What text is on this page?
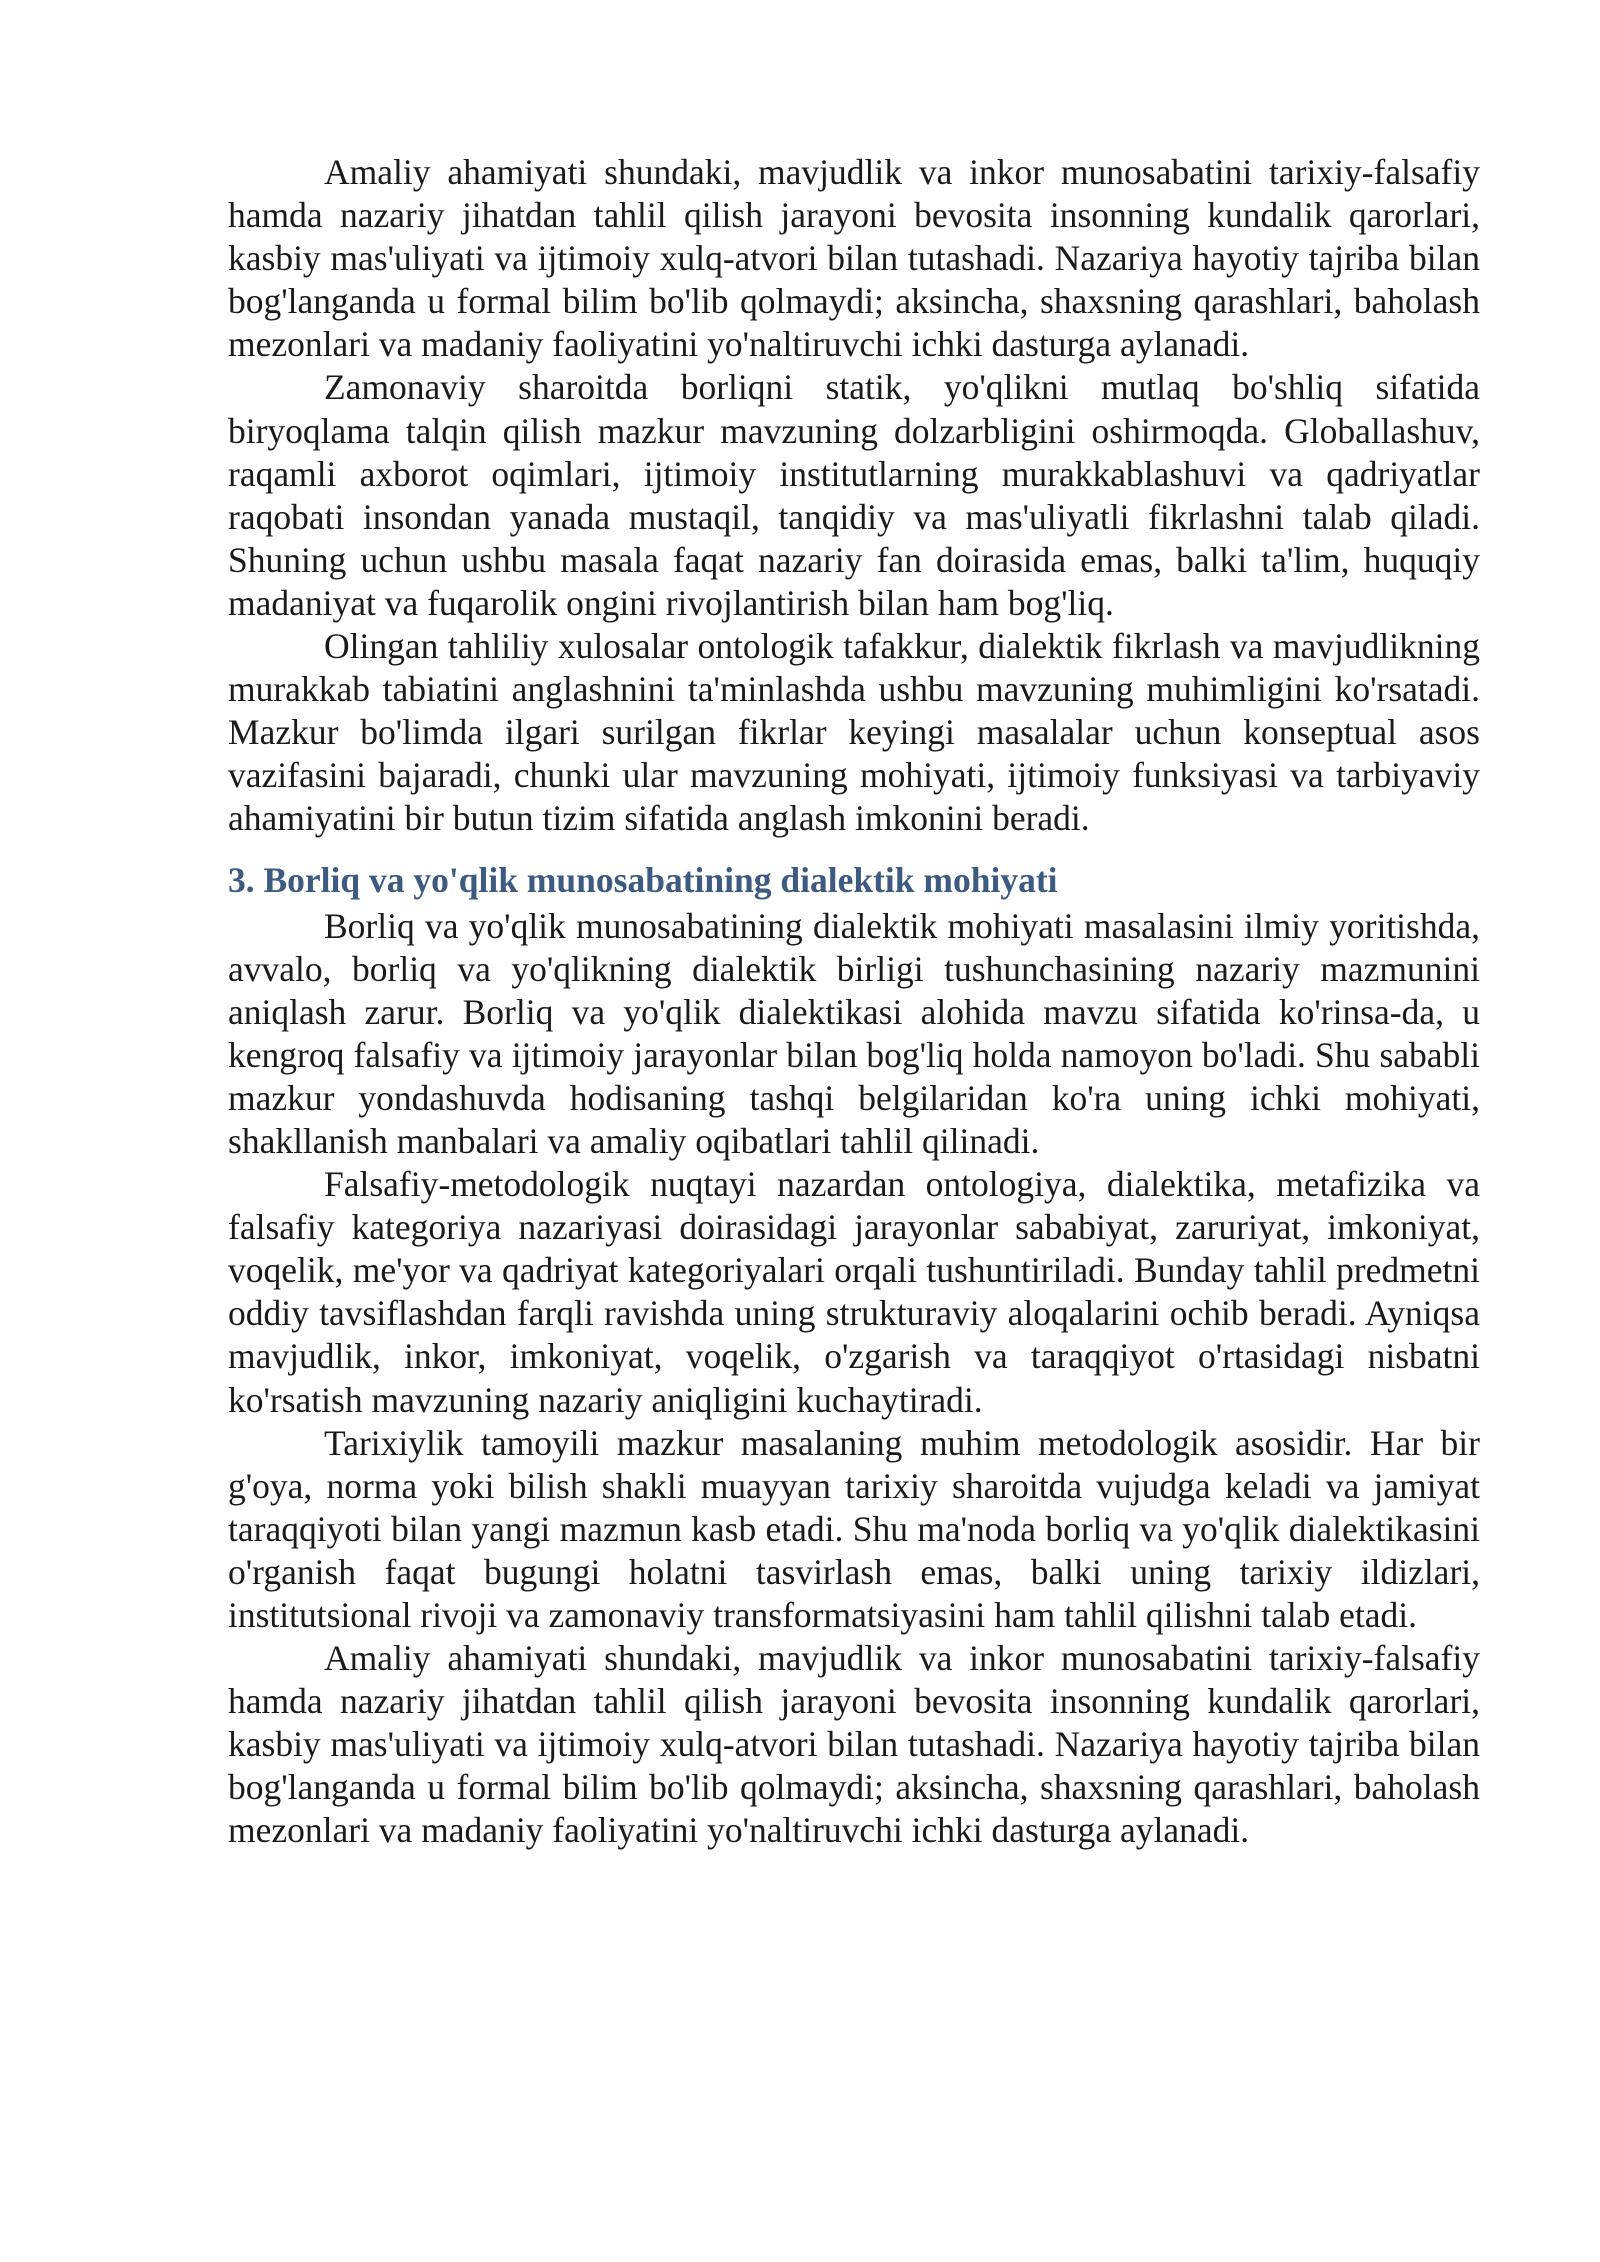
Amaliy ahamiyati shundaki, mavjudlik va inkor munosabatini tarixiy-falsafiy hamda nazariy jihatdan tahlil qilish jarayoni bevosita insonning kundalik qarorlari, kasbiy mas'uliyati va ijtimoiy xulq-atvori bilan tutashadi. Nazariya hayotiy tajriba bilan bog'langanda u formal bilim bo'lib qolmaydi; aksincha, shaxsning qarashlari, baholash mezonlari va madaniy faoliyatini yo'naltiruvchi ichki dasturga aylanadi.

Zamonaviy sharoitda borliqni statik, yo'qlikni mutlaq bo'shliq sifatida biryoqlama talqin qilish mazkur mavzuning dolzarbligini oshirmoqda. Globallashuv, raqamli axborot oqimlari, ijtimoiy institutlarning murakkablashuvi va qadriyatlar raqobati insondan yanada mustaqil, tanqidiy va mas'uliyatli fikrlashni talab qiladi. Shuning uchun ushbu masala faqat nazariy fan doirasida emas, balki ta'lim, huquqiy madaniyat va fuqarolik ongini rivojlantirish bilan ham bog'liq.

Olingan tahliliy xulosalar ontologik tafakkur, dialektik fikrlash va mavjudlikning murakkab tabiatini anglashnini ta'minlashda ushbu mavzuning muhimligini ko'rsatadi. Mazkur bo'limda ilgari surilgan fikrlar keyingi masalalar uchun konseptual asos vazifasini bajaradi, chunki ular mavzuning mohiyati, ijtimoiy funksiyasi va tarbiyaviy ahamiyatini bir butun tizim sifatida anglash imkonini beradi.

3. Borliq va yo'qlik munosabatining dialektik mohiyati

Borliq va yo'qlik munosabatining dialektik mohiyati masalasini ilmiy yoritishda, avvalo, borliq va yo'qlikning dialektik birligi tushunchasining nazariy mazmunini aniqlash zarur. Borliq va yo'qlik dialektikasi alohida mavzu sifatida ko'rinsa-da, u kengroq falsafiy va ijtimoiy jarayonlar bilan bog'liq holda namoyon bo'ladi. Shu sababli mazkur yondashuvda hodisaning tashqi belgilaridan ko'ra uning ichki mohiyati, shakllanish manbalari va amaliy oqibatlari tahlil qilinadi.

Falsafiy-metodologik nuqtayi nazardan ontologiya, dialektika, metafizika va falsafiy kategoriya nazariyasi doirasidagi jarayonlar sababiyat, zaruriyat, imkoniyat, voqelik, me'yor va qadriyat kategoriyalari orqali tushuntiriladi. Bunday tahlil predmetni oddiy tavsiflashdan farqli ravishda uning strukturaviy aloqalarini ochib beradi. Ayniqsa mavjudlik, inkor, imkoniyat, voqelik, o'zgarish va taraqqiyot o'rtasidagi nisbatni ko'rsatish mavzuning nazariy aniqligini kuchaytiradi.

Tarixiylik tamoyili mazkur masalaning muhim metodologik asosidir. Har bir g'oya, norma yoki bilish shakli muayyan tarixiy sharoitda vujudga keladi va jamiyat taraqqiyoti bilan yangi mazmun kasb etadi. Shu ma'noda borliq va yo'qlik dialektikasini o'rganish faqat bugungi holatni tasvirlash emas, balki uning tarixiy ildizlari, institutsional rivoji va zamonaviy transformatsiyasini ham tahlil qilishni talab etadi.

Amaliy ahamiyati shundaki, mavjudlik va inkor munosabatini tarixiy-falsafiy hamda nazariy jihatdan tahlil qilish jarayoni bevosita insonning kundalik qarorlari, kasbiy mas'uliyati va ijtimoiy xulq-atvori bilan tutashadi. Nazariya hayotiy tajriba bilan bog'langanda u formal bilim bo'lib qolmaydi; aksincha, shaxsning qarashlari, baholash mezonlari va madaniy faoliyatini yo'naltiruvchi ichki dasturga aylanadi.
